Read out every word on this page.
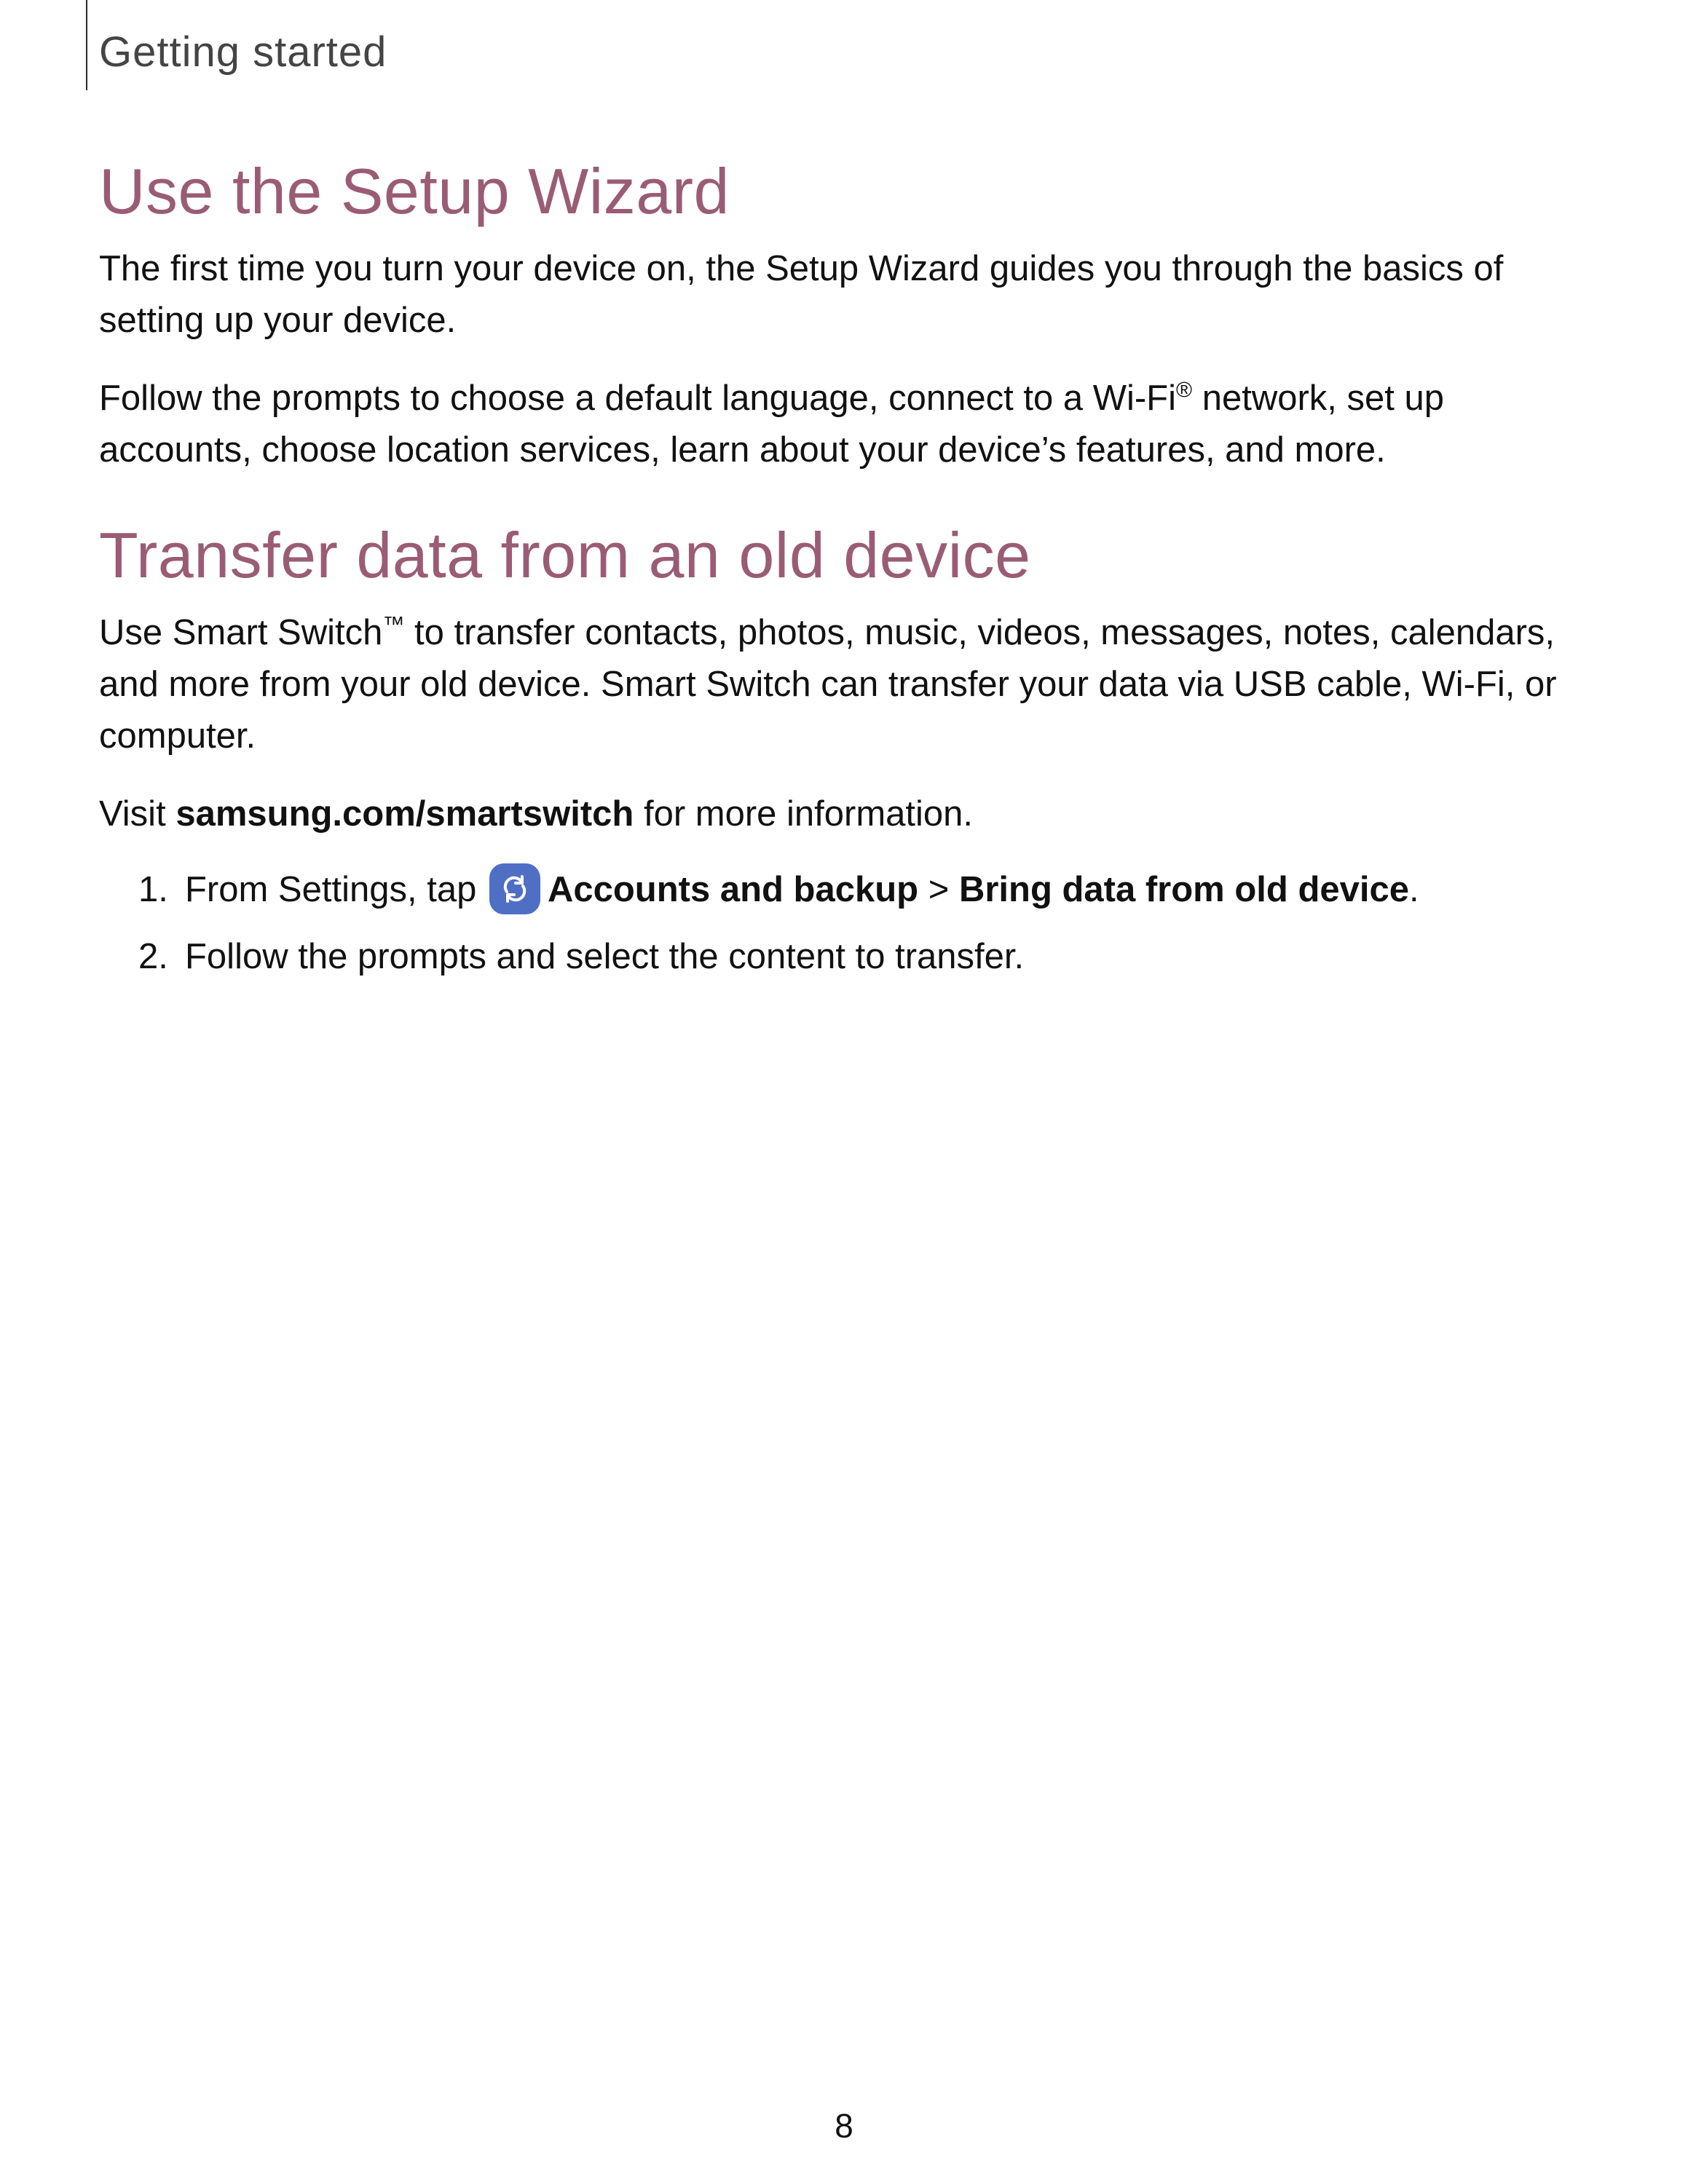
Getting started
Use the Setup Wizard

The first time you turn your device on, the Setup Wizard guides you through the basics of setting up your device.

Follow the prompts to choose a default language, connect to a Wi-Fi® network, set up accounts, choose location services, learn about your device’s features, and more.

Transfer data from an old device

Use Smart Switch™ to transfer contacts, photos, music, videos, messages, notes, calendars, and more from your old device. Smart Switch can transfer your data via USB cable, Wi-Fi, or computer.

Visit samsung.com/smartswitch for more information.

1. From Settings, tap
Accounts and backup > Bring data from old device.
2. Follow the prompts and select the content to transfer.
8
